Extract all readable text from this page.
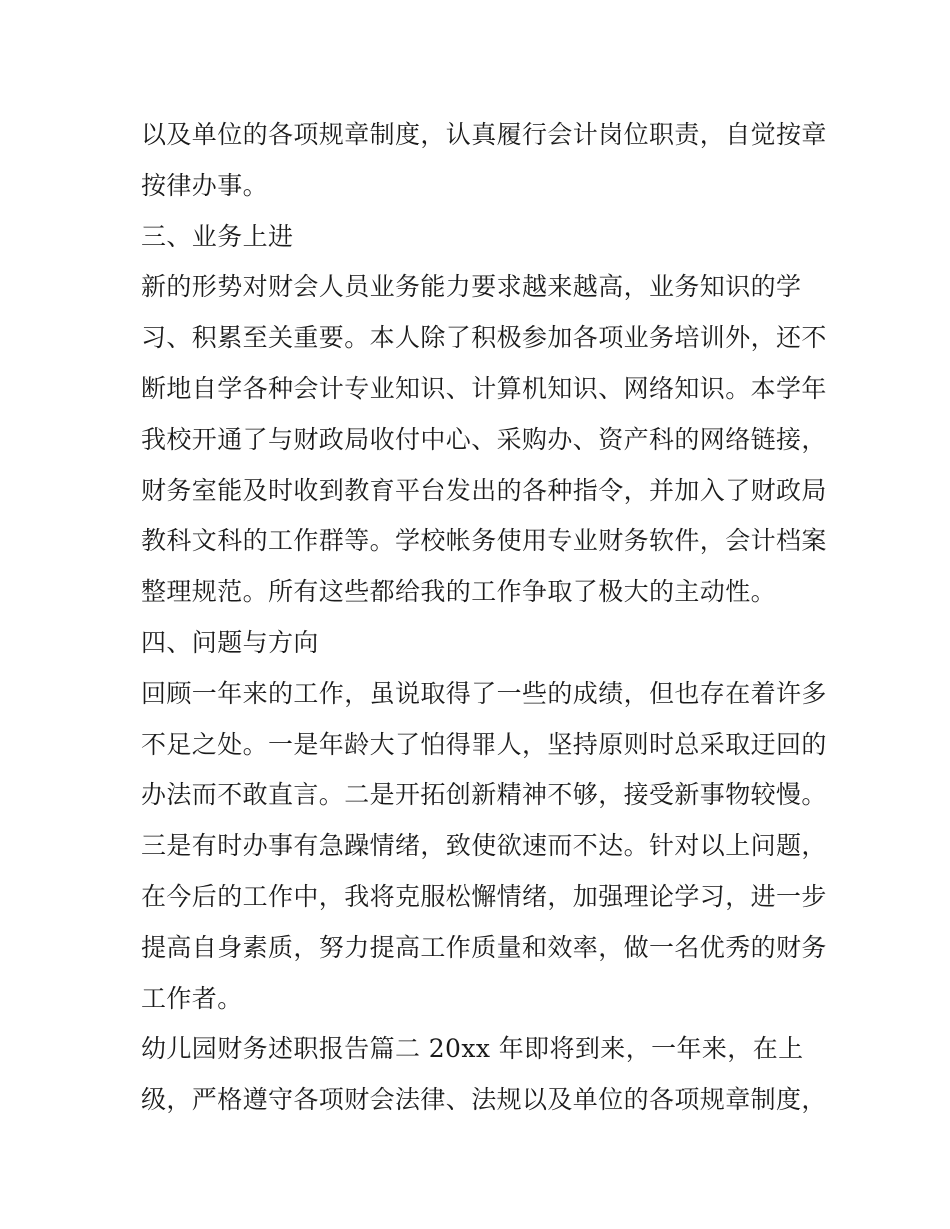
以及单位的各项规章制度，认真履行会计岗位职责，自觉按章
按律办事。
三、业务上进
新的形势对财会人员业务能力要求越来越高，业务知识的学
习、积累至关重要。本人除了积极参加各项业务培训外，还不
断地自学各种会计专业知识、计算机知识、网络知识。本学年
我校开通了与财政局收付中心、采购办、资产科的网络链接，
财务室能及时收到教育平台发出的各种指令，并加入了财政局
教科文科的工作群等。学校帐务使用专业财务软件，会计档案
整理规范。所有这些都给我的工作争取了极大的主动性。
四、问题与方向
回顾一年来的工作，虽说取得了一些的成绩，但也存在着许多
不足之处。一是年龄大了怕得罪人，坚持原则时总采取迂回的
办法而不敢直言。二是开拓创新精神不够，接受新事物较慢。
三是有时办事有急躁情绪，致使欲速而不达。针对以上问题，
在今后的工作中，我将克服松懈情绪，加强理论学习，进一步
提高自身素质，努力提高工作质量和效率，做一名优秀的财务
工作者。
幼儿园财务述职报告篇二 20xx 年即将到来，一年来，在上
级，严格遵守各项财会法律、法规以及单位的各项规章制度，
